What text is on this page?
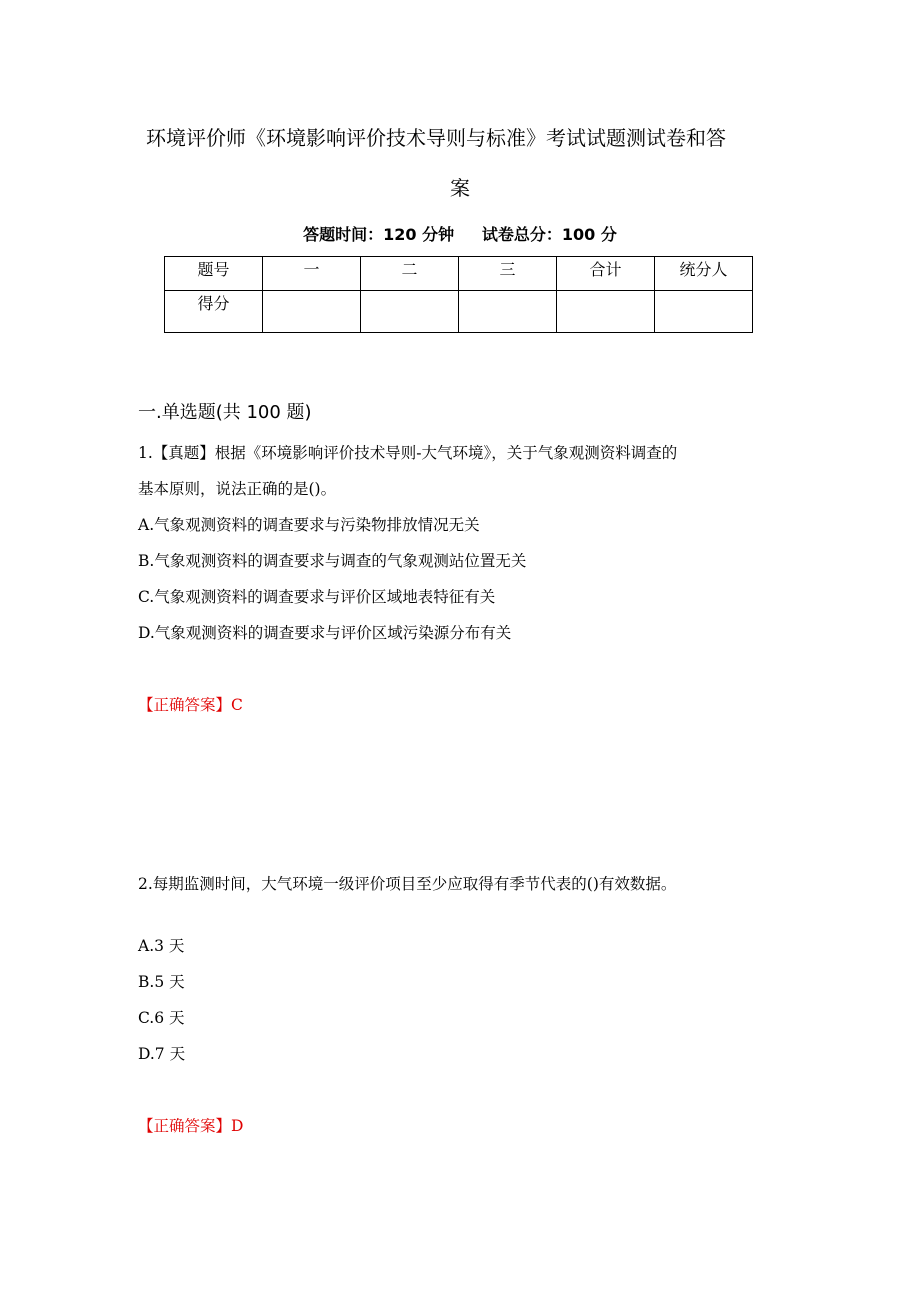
环境评价师《环境影响评价技术导则与标准》考试试题测试卷和答
案
答题时间：120 分钟     试卷总分：100 分
题号	一	二	三	合计	统分人
得分					
一.单选题(共 100 题)
1.【真题】根据《环境影响评价技术导则-大气环境》，关于气象观测资料调查的
基本原则，说法正确的是()。
A.气象观测资料的调查要求与污染物排放情况无关
B.气象观测资料的调查要求与调查的气象观测站位置无关
C.气象观测资料的调查要求与评价区域地表特征有关
D.气象观测资料的调查要求与评价区域污染源分布有关
【正确答案】C
2.每期监测时间，大气环境一级评价项目至少应取得有季节代表的()有效数据。
A.3 天
B.5 天
C.6 天
D.7 天
【正确答案】D
